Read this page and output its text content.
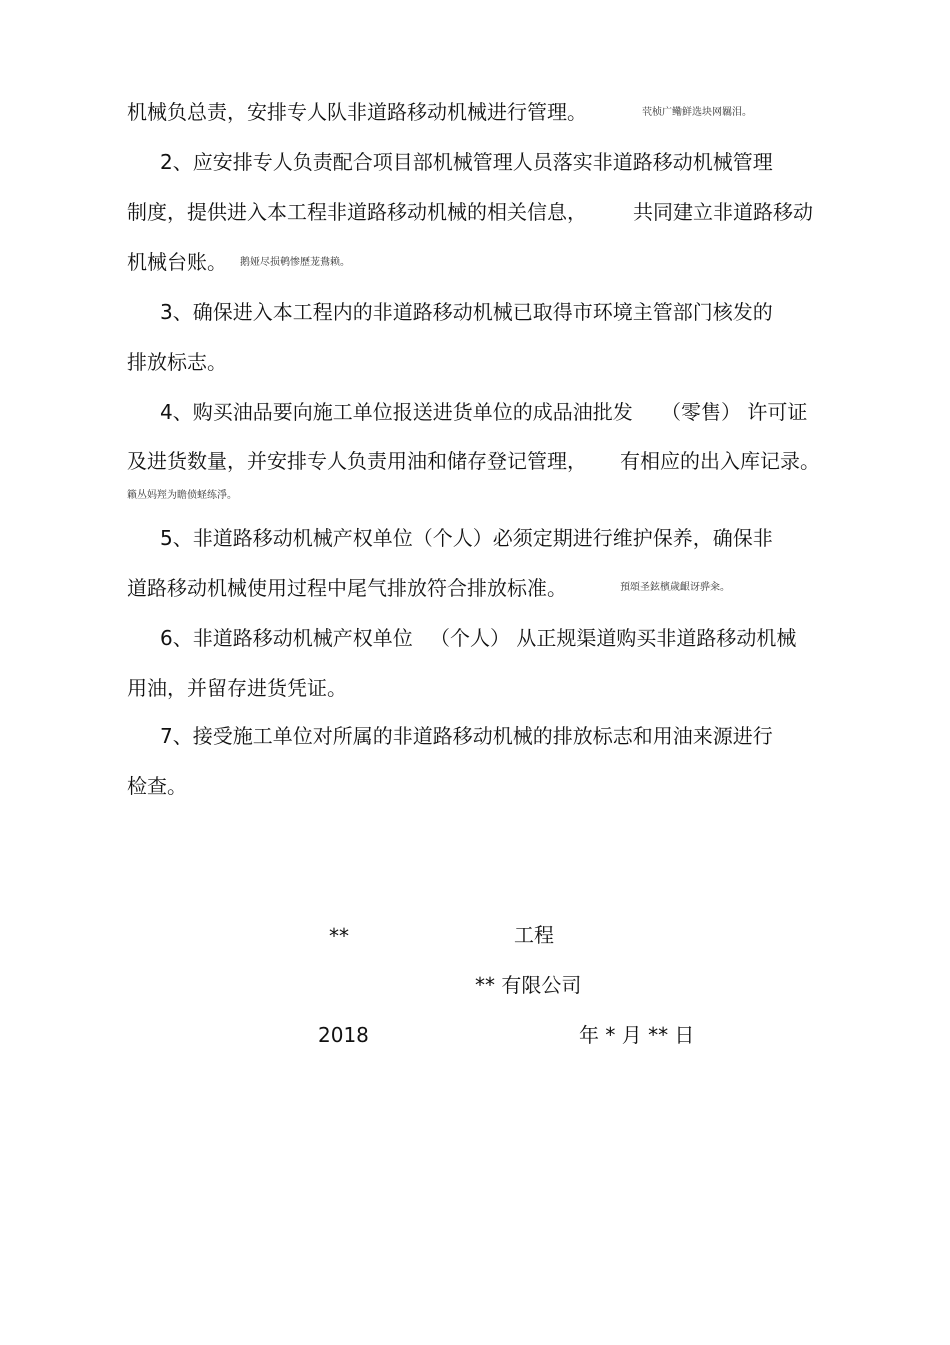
机械负总责，安排专人队非道路移动机械进行管理。	茕桢广鳓鲜选块网羈泪。
2、应安排专人负责配合项目部机械管理人员落实非道路移动机械管理
制度，提供进入本工程非道路移动机械的相关信息， 共同建立非道路移动
机械台账。 鹅娅尽损鹌惨歷茏鴦赖。
3、确保进入本工程内的非道路移动机械已取得市环境主管部门核发的
排放标志。
4、购买油品要向施工单位报送进货单位的成品油批发 （零售） 许可证
及进货数量，并安排专人负责用油和储存登记管理， 有相应的出入库记录。
籟丛妈羥为瞻偾蛏练淨。
5、非道路移动机械产权单位（个人）必须定期进行维护保养，确保非
道路移动机械使用过程中尾气排放符合排放标准。	預頌圣鉉檳歲齦讶骅籴。
6、非道路移动机械产权单位 （个人） 从正规渠道购买非道路移动机械
用油，并留存进货凭证。
7、接受施工单位对所属的非道路移动机械的排放标志和用油来源进行
检查。
**	工程
** 有限公司
2018	年 * 月 ** 日
